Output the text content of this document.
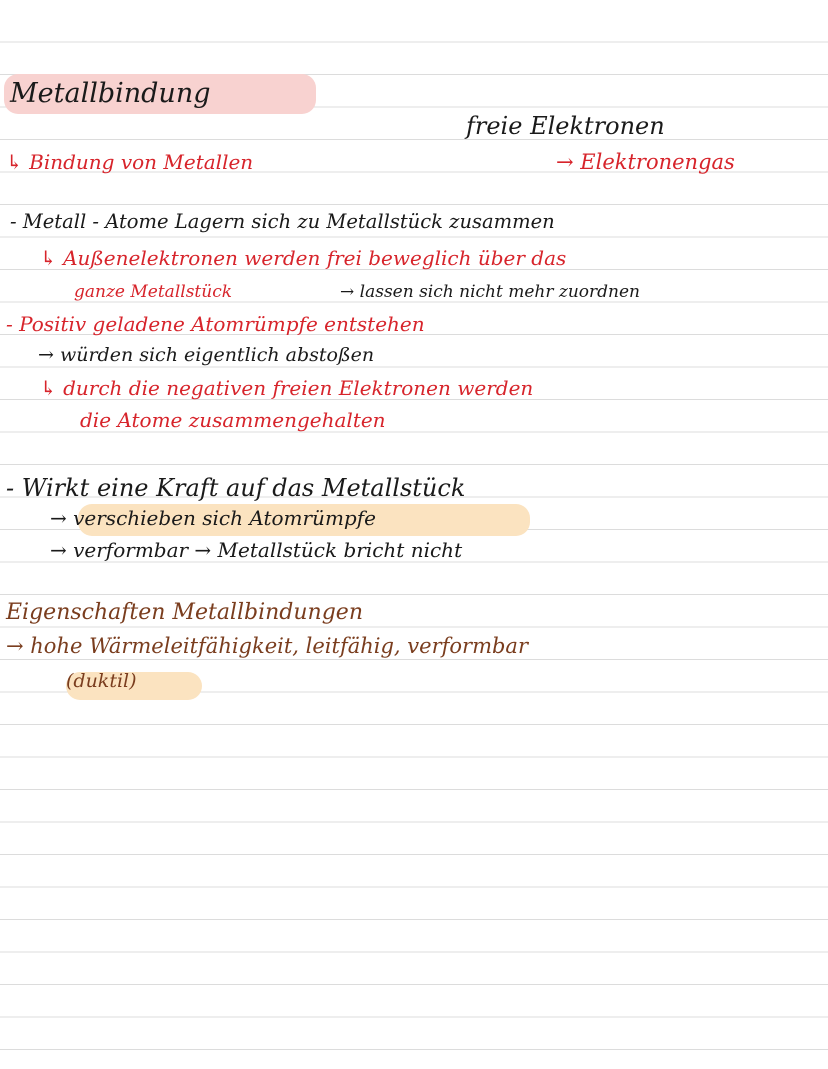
Metallbindung
freie Elektronen
→ Elektronengas
↳ Bindung von Metallen
- Metall - Atome Lagern sich zu Metallstück zusammen
↳ Außenelektronen werden frei beweglich über das
ganze Metallstück	→ lassen sich nicht mehr zuordnen
- Positiv geladene Atomrümpfe entstehen
→ würden sich eigentlich abstoßen
↳ durch die negativen freien Elektronen werden
die Atome zusammengehalten
- Wirkt eine Kraft auf das Metallstück
→ verschieben sich Atomrümpfe
→ verformbar → Metallstück bricht nicht
Eigenschaften Metallbindungen
→ hohe Wärmeleitfähigkeit, leitfähig, verformbar
(duktil)
